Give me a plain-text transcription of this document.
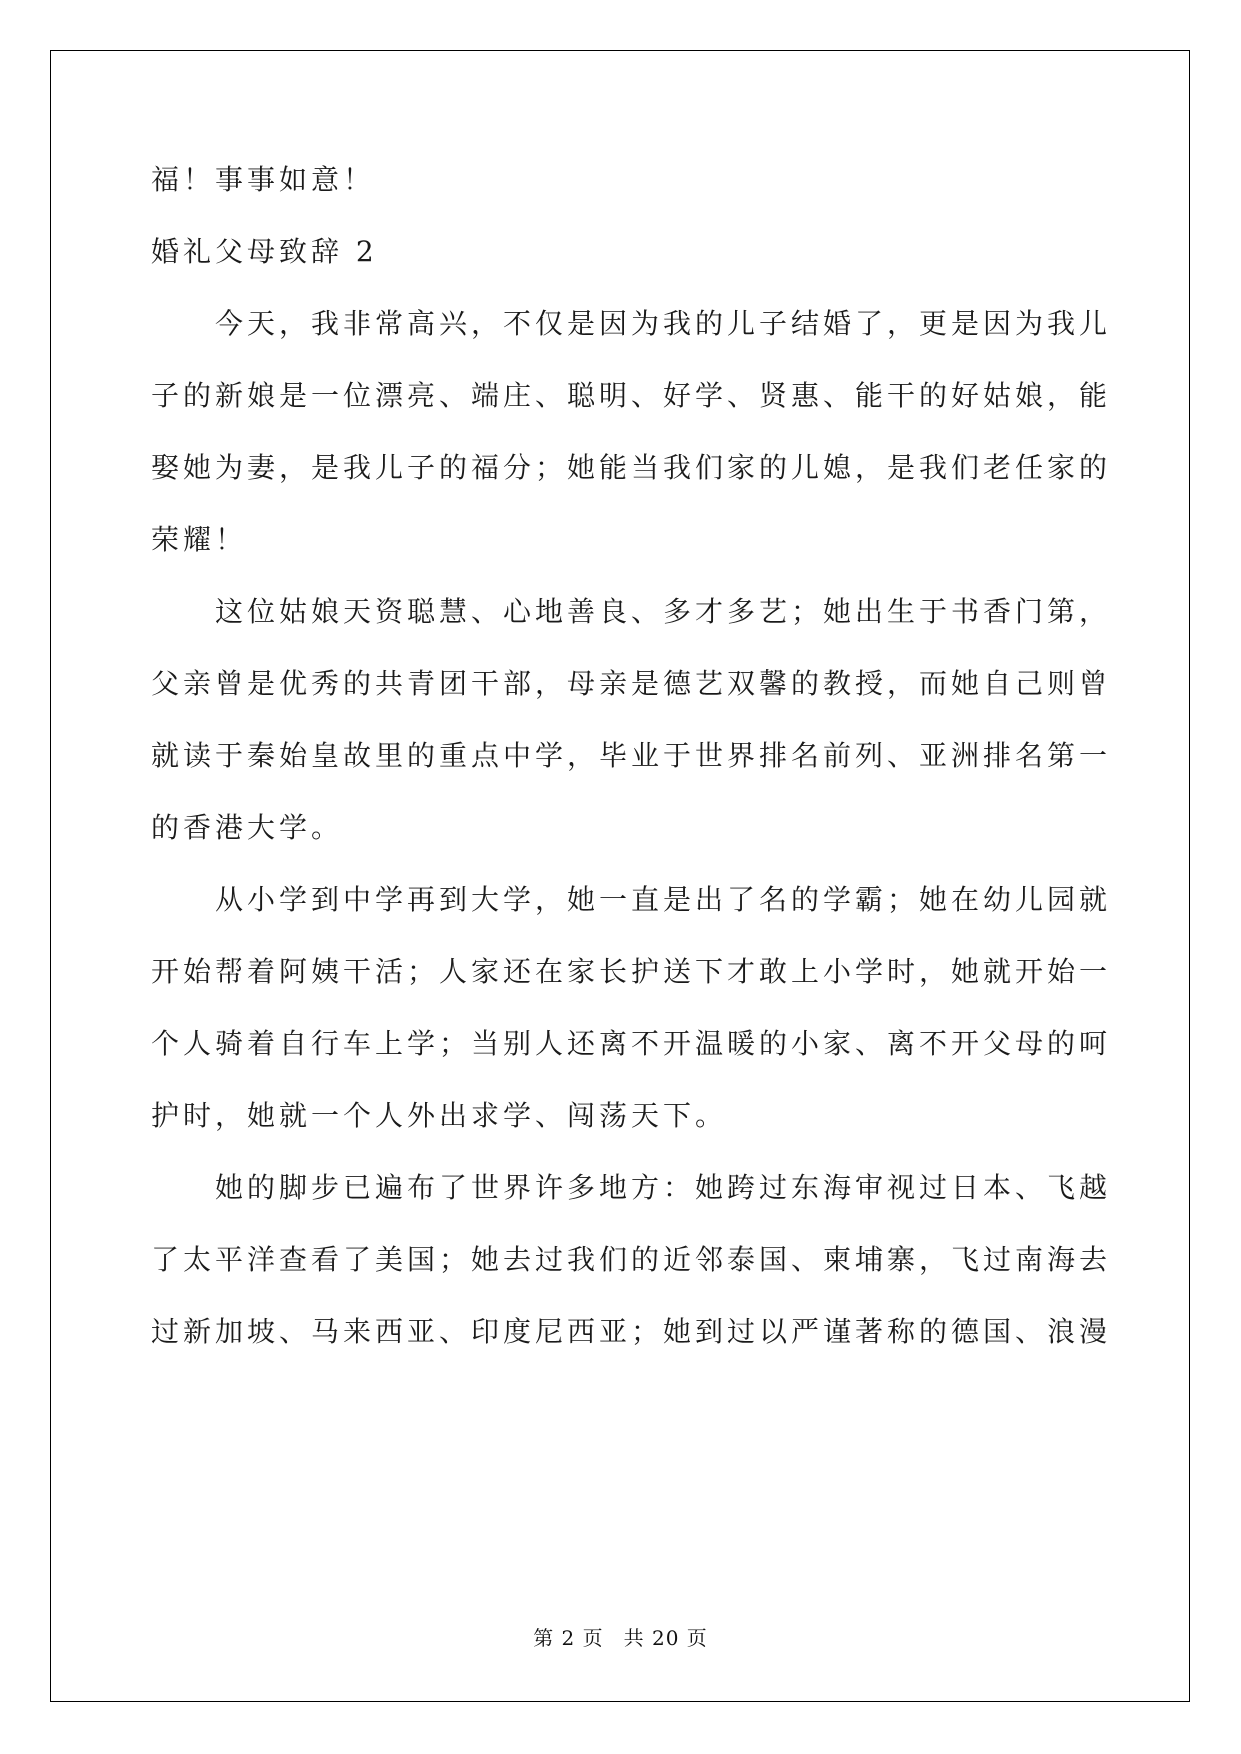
福！事事如意！

婚礼父母致辞 2

今天，我非常高兴，不仅是因为我的儿子结婚了，更是因为我儿

子的新娘是一位漂亮、端庄、聪明、好学、贤惠、能干的好姑娘，能

娶她为妻，是我儿子的福分；她能当我们家的儿媳，是我们老任家的

荣耀！

这位姑娘天资聪慧、心地善良、多才多艺；她出生于书香门第，

父亲曾是优秀的共青团干部，母亲是德艺双馨的教授，而她自己则曾

就读于秦始皇故里的重点中学，毕业于世界排名前列、亚洲排名第一

的香港大学。

从小学到中学再到大学，她一直是出了名的学霸；她在幼儿园就

开始帮着阿姨干活；人家还在家长护送下才敢上小学时，她就开始一

个人骑着自行车上学；当别人还离不开温暖的小家、离不开父母的呵

护时，她就一个人外出求学、闯荡天下。

她的脚步已遍布了世界许多地方：她跨过东海审视过日本、飞越

了太平洋查看了美国；她去过我们的近邻泰国、柬埔寨，飞过南海去

过新加坡、马来西亚、印度尼西亚；她到过以严谨著称的德国、浪漫

第 2 页 共 20 页
